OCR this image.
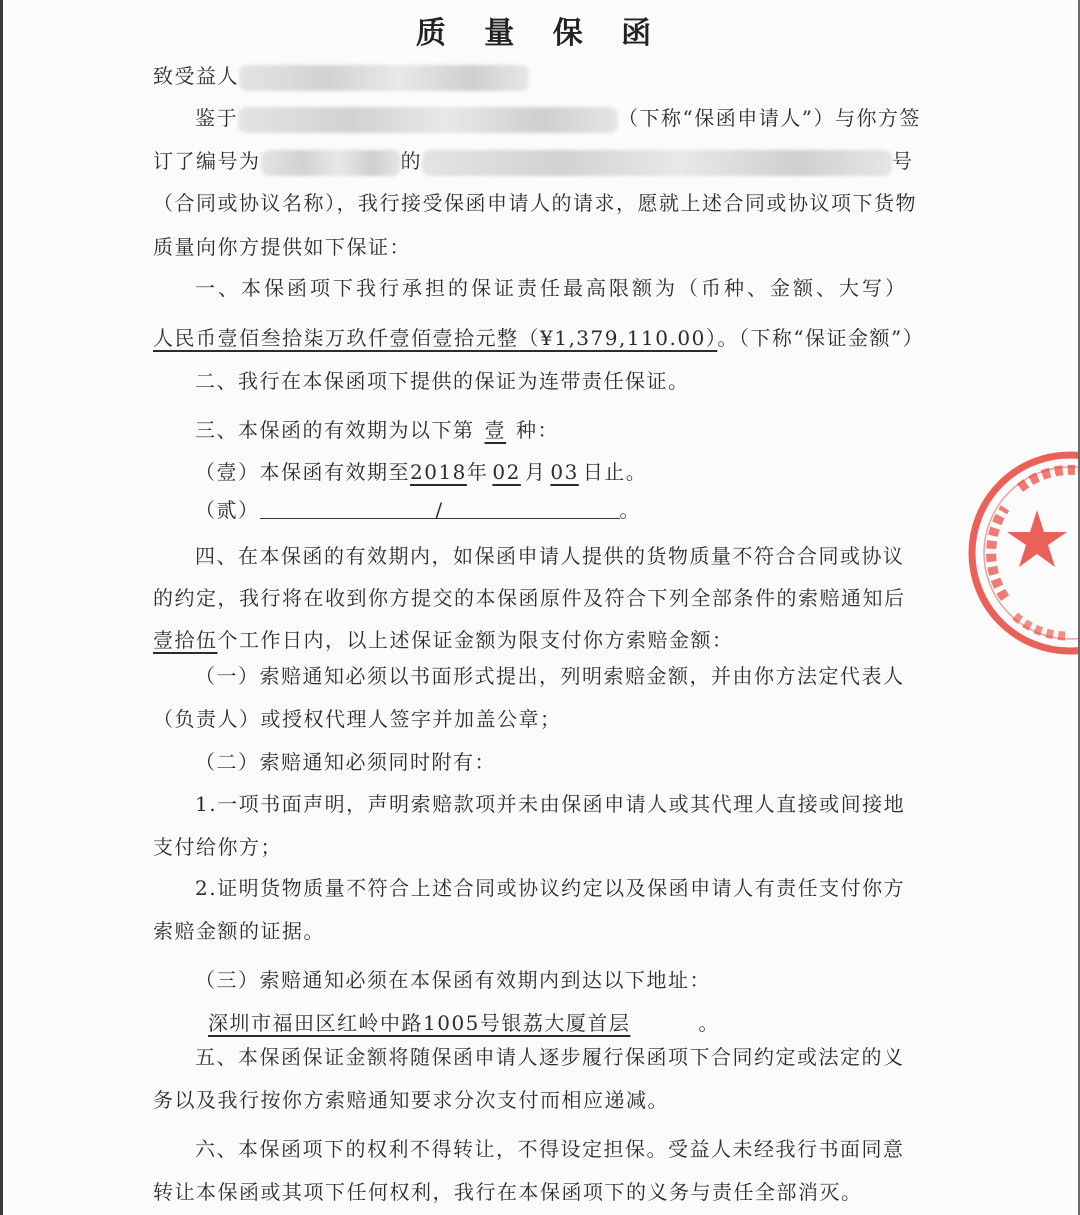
质 量 保 函
致受益人
鉴于	（下称“保函申请人”）与你方签
订了编号为	的	号
（合同或协议名称），我行接受保函申请人的请求，愿就上述合同或协议项下货物
质量向你方提供如下保证：
一、本保函项下我行承担的保证责任最高限额为（币种、金额、大写）
人民币壹佰叁拾柒万玖仟壹佰壹拾元整（¥1,379,110.00）。（下称“保证金额”）
二、我行在本保函项下提供的保证为连带责任保证。
三、本保函的有效期为以下第 壹 种：
（壹）本保函有效期至2018年 02 月 03 日止。
（贰）	/	。
四、在本保函的有效期内，如保函申请人提供的货物质量不符合合同或协议
的约定，我行将在收到你方提交的本保函原件及符合下列全部条件的索赔通知后
壹拾伍个工作日内，以上述保证金额为限支付你方索赔金额：
（一）索赔通知必须以书面形式提出，列明索赔金额，并由你方法定代表人
（负责人）或授权代理人签字并加盖公章；
（二）索赔通知必须同时附有：
1.一项书面声明，声明索赔款项并未由保函申请人或其代理人直接或间接地
支付给你方；
2.证明货物质量不符合上述合同或协议约定以及保函申请人有责任支付你方
索赔金额的证据。
（三）索赔通知必须在本保函有效期内到达以下地址：
深圳市福田区红岭中路1005号银荔大厦首层	。
五、本保函保证金额将随保函申请人逐步履行保函项下合同约定或法定的义
务以及我行按你方索赔通知要求分次支付而相应递减。
六、本保函项下的权利不得转让，不得设定担保。受益人未经我行书面同意
转让本保函或其项下任何权利，我行在本保函项下的义务与责任全部消灭。
